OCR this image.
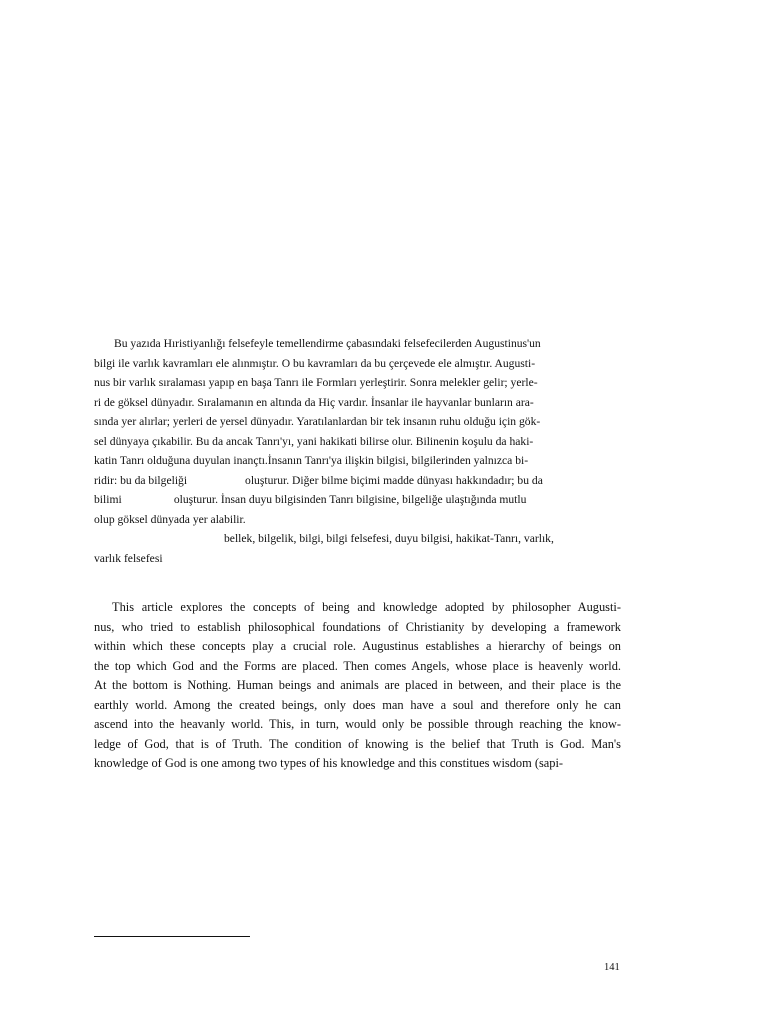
Bu yazıda Hıristiyanlığı felsefeyle temellendirme çabasındaki felsefecilerden Augustinus'un
bilgi ile varlık kavramları ele alınmıştır. O bu kavramları da bu çerçevede ele almıştır. Augusti-
nus bir varlık sıralaması yapıp en başa Tanrı ile Formları yerleştirir. Sonra melekler gelir; yerle-
ri de göksel dünyadır. Sıralamanın en altında da Hiç vardır. İnsanlar ile hayvanlar bunların ara-
sında yer alırlar; yerleri de yersel dünyadır. Yaratılanlardan bir tek insanın ruhu olduğu için gök-
sel dünyaya çıkabilir. Bu da ancak Tanrı'yı, yani hakikati bilirse olur. Bilinenin koşulu da haki-
katin Tanrı olduğuna duyulan inançtı.İnsanın Tanrı'ya ilişkin bilgisi, bilgilerinden yalnızca bi-
ridir: bu da bilgeliği                    oluşturur. Diğer bilme biçimi madde dünyası hakkındadır; bu da
bilimi                  oluşturur. İnsan duyu bilgisinden Tanrı bilgisine, bilgeliğe ulaştığında mutlu
olup göksel dünyada yer alabilir.
bellek, bilgelik, bilgi, bilgi felsefesi, duyu bilgisi, hakikat-Tanrı, varlık,
varlık felsefesi
This article explores the concepts of being and knowledge adopted by philosopher Augusti-
nus, who tried to establish philosophical foundations of Christianity by developing a framework
within which these concepts play a crucial role. Augustinus establishes a hierarchy of beings on
the top which God and the Forms are placed. Then comes Angels, whose place is heavenly world.
At the bottom is Nothing. Human beings and animals are placed in between, and their place is the
earthly world. Among the created beings, only does man have a soul and therefore only he can
ascend into the heavanly world. This, in turn, would only be possible through reaching the know-
ledge of God, that is of Truth. The condition of knowing is the belief that Truth is God. Man's
knowledge of God is one among two types of his knowledge and this constitues wisdom (sapi-
141
